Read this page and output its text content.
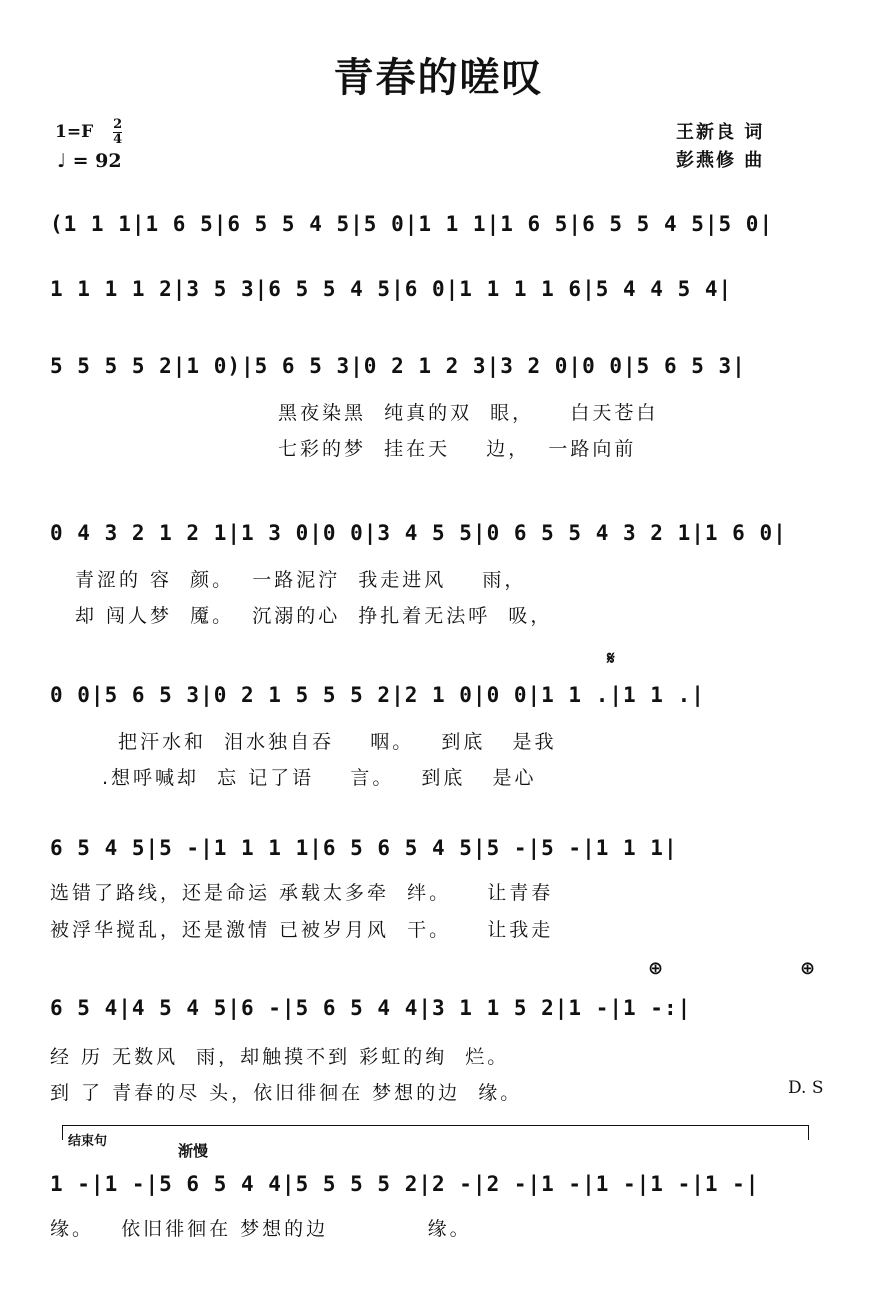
青春的嗟叹
$1=F \frac{2}{4}$
♩ = 92
王新良 词
彭燕修 曲
(1 1 1|1 6 5|6 5 5 4 5|5 0|1 1 1|1 6 5|6 5 5 4 5|5 0|
1 1 1 1 2|3 5 3|6 5 5 4 5|6 0|1 1 1 1 6|5 4 4 5 4|
5 5 5 5 2|1 0)|5 6 5 3|0 2 1 2 3|3 2 0|0 0|5 6 5 3|
黑夜染黑  纯真的双  眼，    白天苍白
七彩的梦  挂在天    边，  一路向前
0 4 3 2 1 2 1|1 3 0|0 0|3 4 5 5|0 6 5 5 4 3 2 1|1 6 0|
青涩的 容  颜。  一路泥泞  我走进风    雨，
却 闯人梦  魇。  沉溺的心  挣扎着无法呼  吸，
𝄋
0 0|5 6 5 3|0 2 1 5 5 5 2|2 1 0|0 0|1 1 .|1 1 .|
把汗水和  泪水独自吞    咽。   到底   是我
.想呼喊却  忘 记了语    言。   到底   是心
6 5 4 5|5 -|1 1 1 1|6 5 6 5 4 5|5 -|5 -|1 1 1|
选错了路线，还是命运 承载太多牵  绊。    让青春
被浮华搅乱，还是激情 已被岁月风  干。    让我走
⊕	⊕
6 5 4|4 5 4 5|6 -|5 6 5 4 4|3 1 1 5 2|1 -|1 -:|
经 历 无数风  雨，却触摸不到 彩虹的绚  烂。
到 了 青春的尽 头，依旧徘徊在 梦想的边  缘。	D. S
结束句
渐慢
1 -|1 -|5 6 5 4 4|5 5 5 5 2|2 -|2 -|1 -|1 -|1 -|1 -|
缘。   依旧徘徊在 梦想的边           缘。
